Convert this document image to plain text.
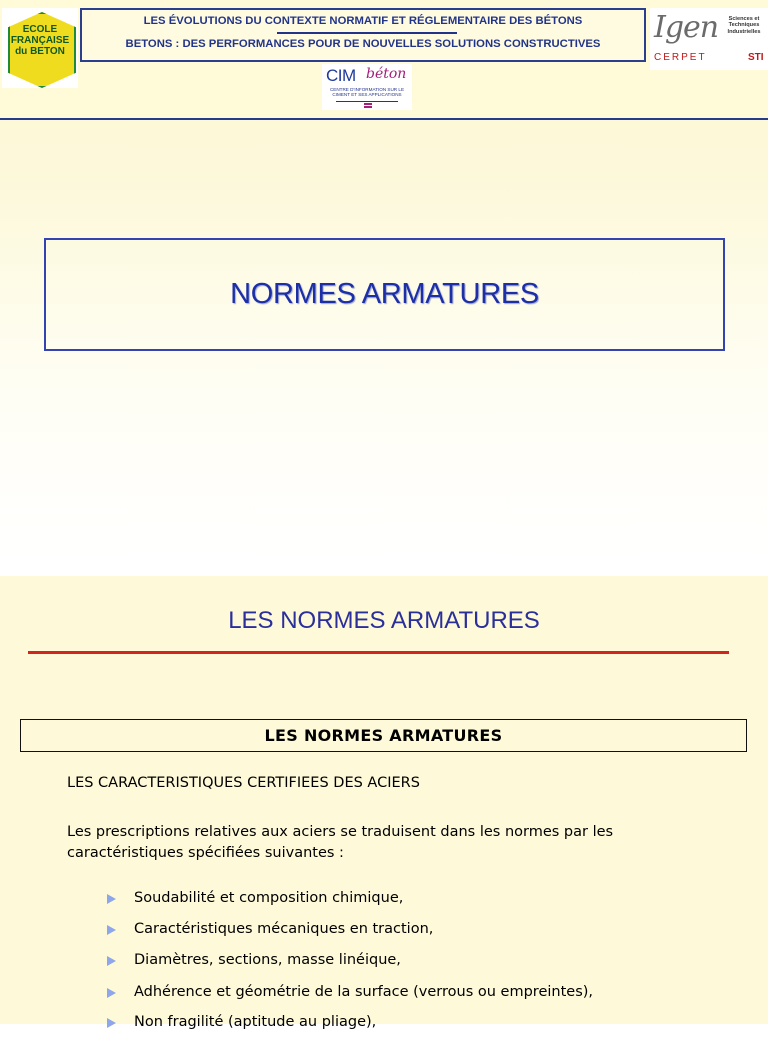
ECOLE
FRANÇAISE
du BETON
LES ÉVOLUTIONS DU CONTEXTE NORMATIF ET RÉGLEMENTAIRE DES BÉTONS
BETONS : DES PERFORMANCES POUR DE NOUVELLES SOLUTIONS CONSTRUCTIVES
CIM béton
CENTRE D'INFORMATION SUR LE CIMENT ET SES APPLICATIONS
Igen	Sciences et Techniques Industrielles
CERPET	STI
NORMES ARMATURES
LES NORMES ARMATURES
LES NORMES ARMATURES
LES CARACTERISTIQUES CERTIFIEES DES ACIERS
Les prescriptions relatives aux aciers se traduisent dans les normes par les caractéristiques spécifiées suivantes :
Soudabilité et composition chimique,
Caractéristiques mécaniques en traction,
Diamètres, sections, masse linéique,
Adhérence et géométrie de la surface (verrous ou empreintes),
Non fragilité (aptitude au pliage),
